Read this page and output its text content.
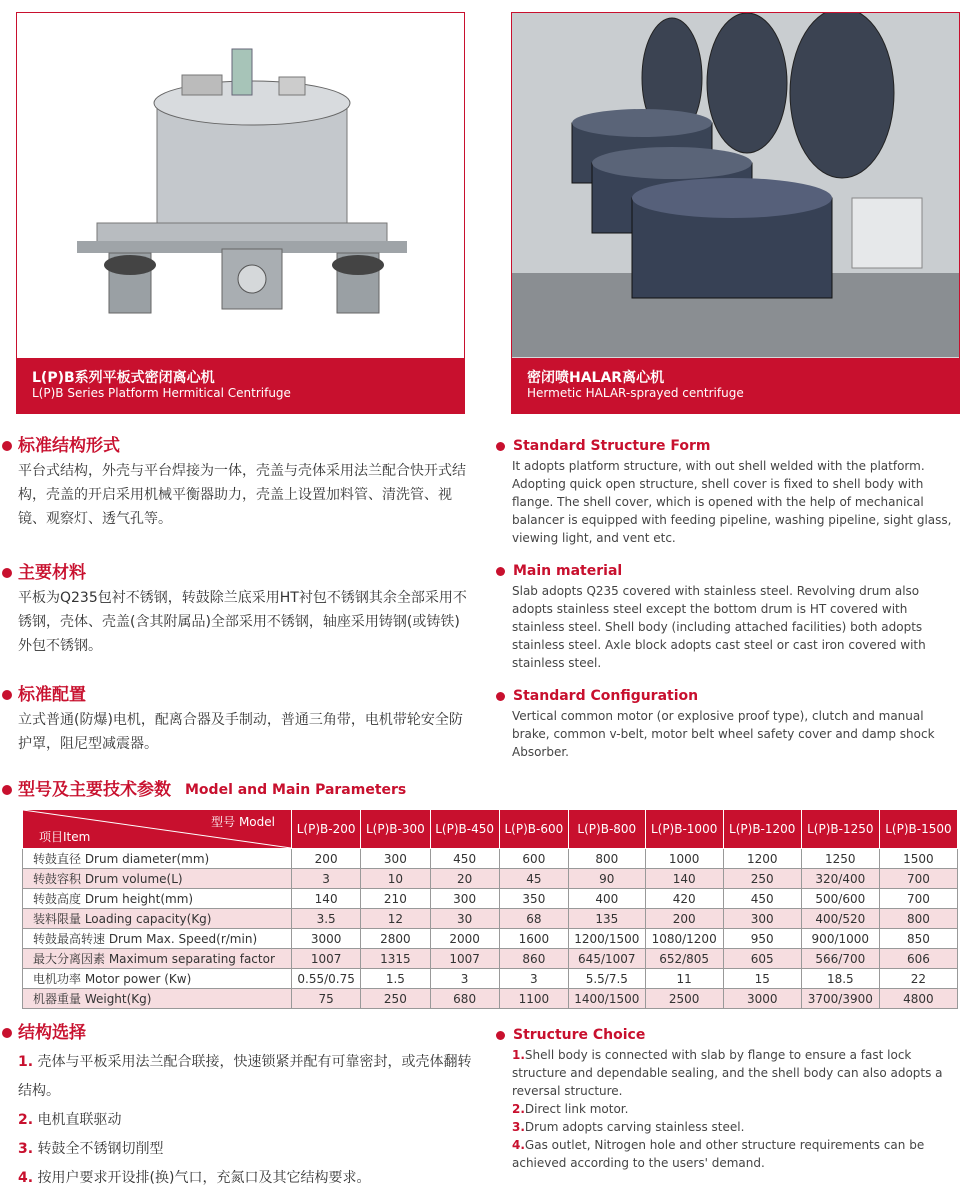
L(P)B系列平板式密闭离心机
L(P)B Series Platform Hermitical Centrifuge
密闭喷HALAR离心机
Hermetic HALAR-sprayed centrifuge
标准结构形式
平台式结构，外壳与平台焊接为一体，壳盖与壳体采用法兰配合快开式结构，壳盖的开启采用机械平衡器助力，壳盖上设置加料管、清洗管、视镜、观察灯、透气孔等。
主要材料
平板为Q235包衬不锈钢，转鼓除兰底采用HT衬包不锈钢其余全部采用不锈钢，壳体、壳盖(含其附属品)全部采用不锈钢，轴座采用铸钢(或铸铁)外包不锈钢。
标准配置
立式普通(防爆)电机，配离合器及手制动，普通三角带，电机带轮安全防护罩，阻尼型减震器。
Standard Structure Form
It adopts platform structure, with out shell welded with the platform. Adopting quick open structure, shell cover is fixed to shell body with flange. The shell cover, which is opened with the help of mechanical balancer is equipped with feeding pipeline, washing pipeline, sight glass, viewing light, and vent etc.
Main material
Slab adopts Q235 covered with stainless steel. Revolving drum also adopts stainless steel except the bottom drum is HT covered with stainless steel. Shell body (including attached facilities) both adopts stainless steel. Axle block adopts cast steel or cast iron covered with stainless steel.
Standard Configuration
Vertical common motor (or explosive proof type), clutch and manual brake, common v-belt, motor belt wheel safety cover and damp shock Absorber.
型号及主要技术参数 Model and Main Parameters
型号 Model
项目Item	L(P)B-200	L(P)B-300	L(P)B-450	L(P)B-600	L(P)B-800	L(P)B-1000	L(P)B-1200	L(P)B-1250	L(P)B-1500
转鼓直径 Drum diameter(mm)	200	300	450	600	800	1000	1200	1250	1500
转鼓容积 Drum volume(L)	3	10	20	45	90	140	250	320/400	700
转鼓高度 Drum height(mm)	140	210	300	350	400	420	450	500/600	700
装料限量 Loading capacity(Kg)	3.5	12	30	68	135	200	300	400/520	800
转鼓最高转速 Drum Max. Speed(r/min)	3000	2800	2000	1600	1200/1500	1080/1200	950	900/1000	850
最大分离因素 Maximum separating factor	1007	1315	1007	860	645/1007	652/805	605	566/700	606
电机功率 Motor power (Kw)	0.55/0.75	1.5	3	3	5.5/7.5	11	15	18.5	22
机器重量 Weight(Kg)	75	250	680	1100	1400/1500	2500	3000	3700/3900	4800
结构选择
1. 壳体与平板采用法兰配合联接，快速锁紧并配有可靠密封，或壳体翻转结构。
2. 电机直联驱动
3. 转鼓全不锈钢切削型
4. 按用户要求开设排(换)气口，充氮口及其它结构要求。
Structure Choice
1.Shell body is connected with slab by flange to ensure a fast lock structure and dependable sealing, and the shell body can also adopts a reversal structure.
2.Direct link motor.
3.Drum adopts carving stainless steel.
4.Gas outlet, Nitrogen hole and other structure requirements can be achieved according to the users' demand.
